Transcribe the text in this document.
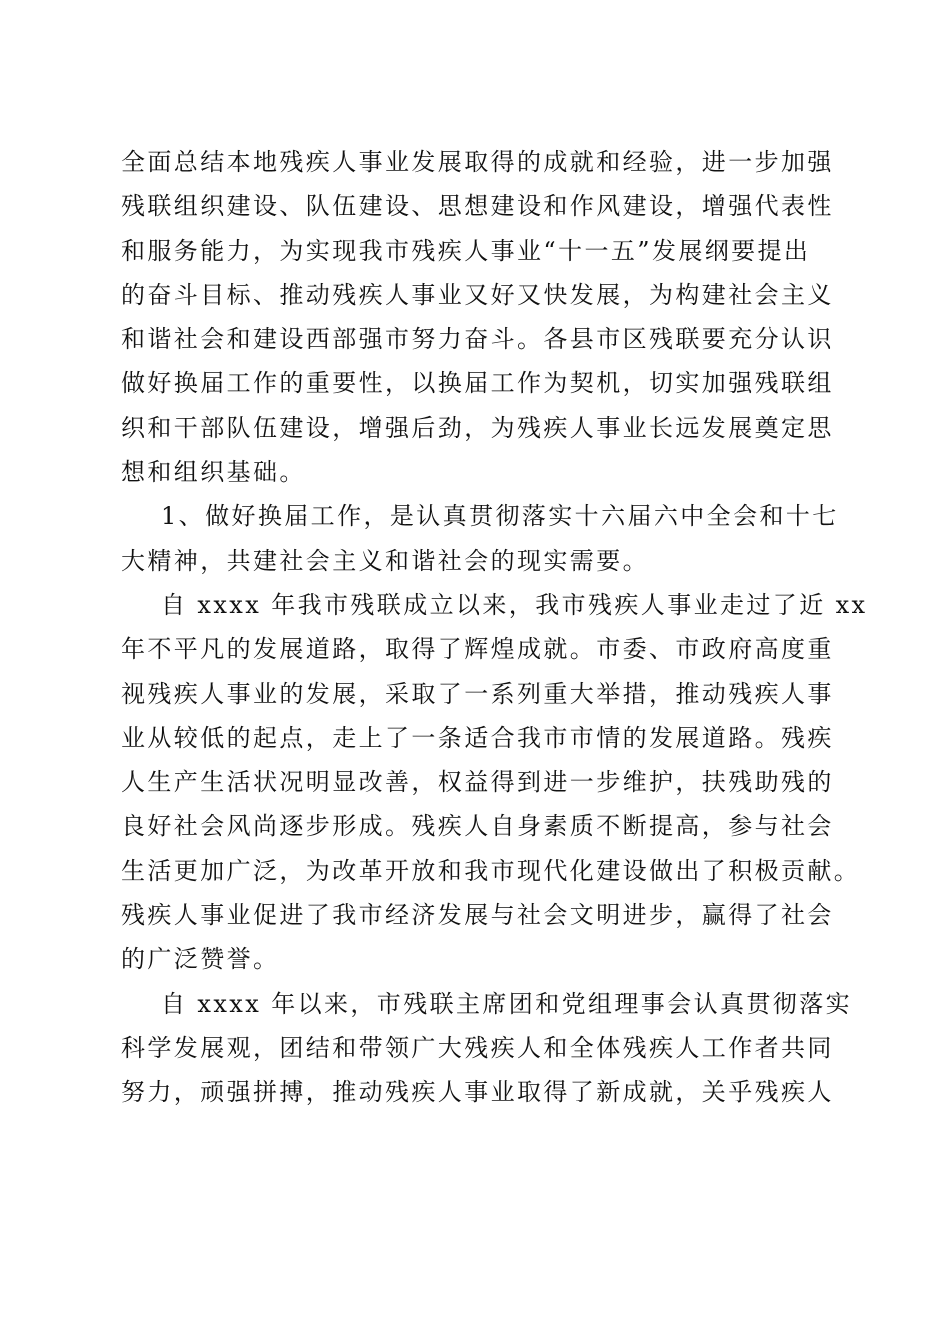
全面总结本地残疾人事业发展取得的成就和经验，进一步加强
残联组织建设、队伍建设、思想建设和作风建设，增强代表性
和服务能力，为实现我市残疾人事业“十一五”发展纲要提出
的奋斗目标、推动残疾人事业又好又快发展，为构建社会主义
和谐社会和建设西部强市努力奋斗。各县市区残联要充分认识
做好换届工作的重要性，以换届工作为契机，切实加强残联组
织和干部队伍建设，增强后劲，为残疾人事业长远发展奠定思
想和组织基础。
1、做好换届工作，是认真贯彻落实十六届六中全会和十七
大精神，共建社会主义和谐社会的现实需要。
自 xxxx 年我市残联成立以来，我市残疾人事业走过了近 xx
年不平凡的发展道路，取得了辉煌成就。市委、市政府高度重
视残疾人事业的发展，采取了一系列重大举措，推动残疾人事
业从较低的起点，走上了一条适合我市市情的发展道路。残疾
人生产生活状况明显改善，权益得到进一步维护，扶残助残的
良好社会风尚逐步形成。残疾人自身素质不断提高，参与社会
生活更加广泛，为改革开放和我市现代化建设做出了积极贡献。
残疾人事业促进了我市经济发展与社会文明进步，赢得了社会
的广泛赞誉。
自 xxxx 年以来，市残联主席团和党组理事会认真贯彻落实
科学发展观，团结和带领广大残疾人和全体残疾人工作者共同
努力，顽强拼搏，推动残疾人事业取得了新成就，关乎残疾人
